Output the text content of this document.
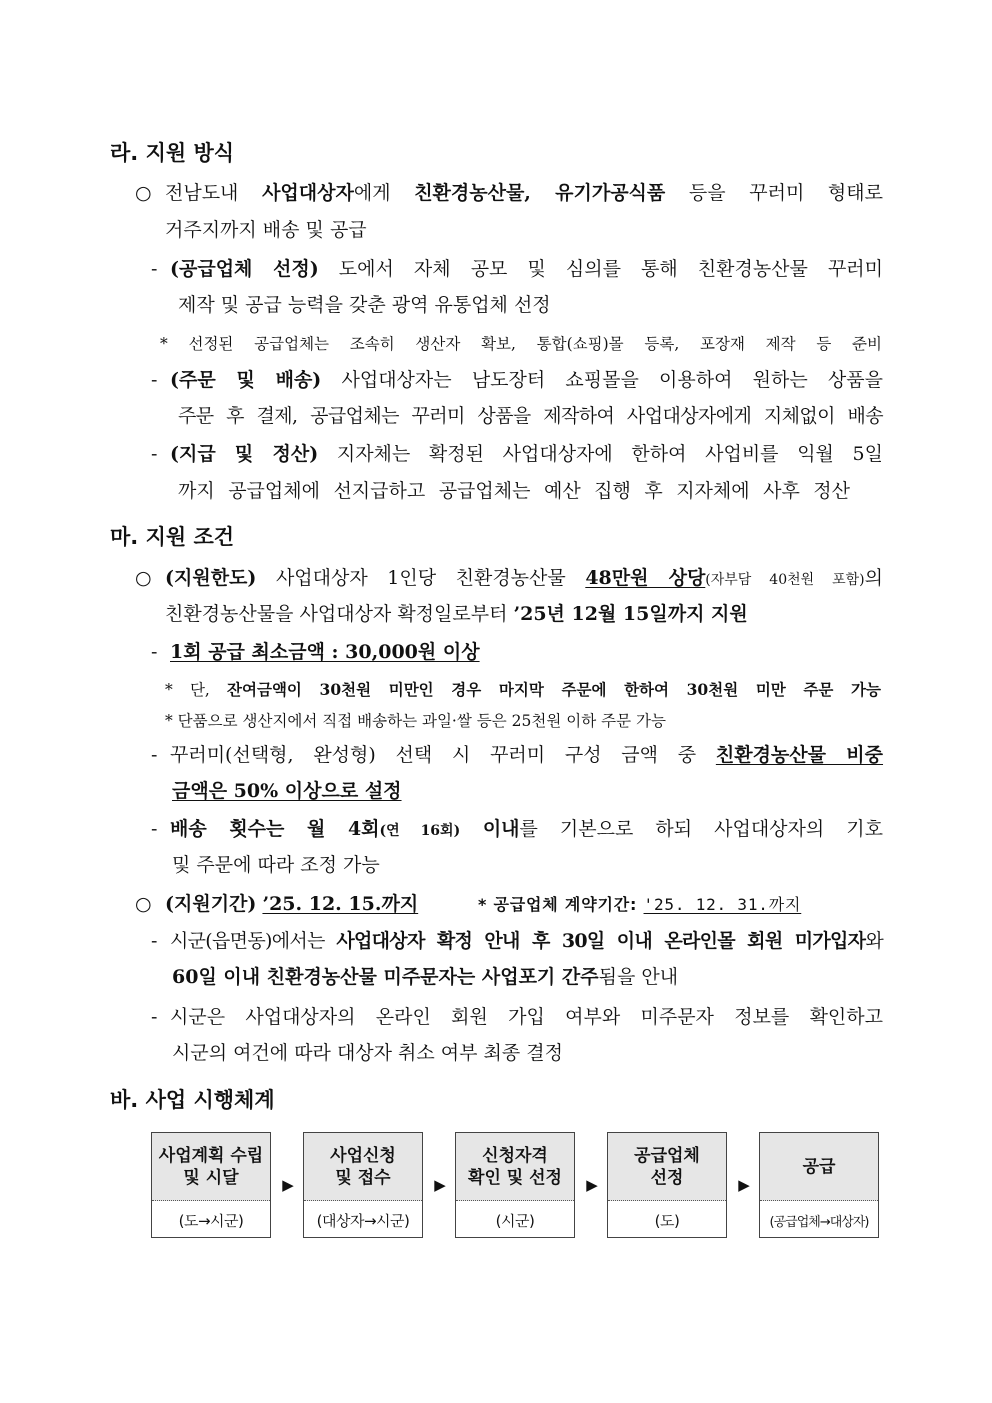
라. 지원 방식
○ 전남도내 사업대상자에게 친환경농산물, 유기가공식품 등을 꾸러미 형태로
거주지까지 배송 및 공급
- (공급업체 선정) 도에서 자체 공모 및 심의를 통해 친환경농산물 꾸러미
제작 및 공급 능력을 갖춘 광역 유통업체 선정
* 선정된 공급업체는 조속히 생산자 확보, 통합(쇼핑)몰 등록, 포장재 제작 등 준비
- (주문 및 배송) 사업대상자는 남도장터 쇼핑몰을 이용하여 원하는 상품을
주문 후 결제, 공급업체는 꾸러미 상품을 제작하여 사업대상자에게 지체없이 배송
- (지급 및 정산) 지자체는 확정된 사업대상자에 한하여 사업비를 익월 5일
까지 공급업체에 선지급하고 공급업체는 예산 집행 후 지자체에 사후 정산
마. 지원 조건
○ (지원한도) 사업대상자 1인당 친환경농산물 48만원 상당(자부담 40천원 포함)의
친환경농산물을 사업대상자 확정일로부터 ’25년 12월 15일까지 지원
- 1회 공급 최소금액 : 30,000원 이상
* 단, 잔여금액이 30천원 미만인 경우 마지막 주문에 한하여 30천원 미만 주문 가능
* 단품으로 생산지에서 직접 배송하는 과일·쌀 등은 25천원 이하 주문 가능
- 꾸러미(선택형, 완성형) 선택 시 꾸러미 구성 금액 중 친환경농산물 비중
금액은 50% 이상으로 설정
- 배송 횟수는 월 4회(연 16회) 이내를 기본으로 하되 사업대상자의 기호
및 주문에 따라 조정 가능
○ (지원기간) ’25. 12. 15.까지	* 공급업체 계약기간: '25. 12. 31.까지
- 시군(읍면동)에서는 사업대상자 확정 안내 후 30일 이내 온라인몰 회원 미가입자와
60일 이내 친환경농산물 미주문자는 사업포기 간주됨을 안내
- 시군은 사업대상자의 온라인 회원 가입 여부와 미주문자 정보를 확인하고
시군의 여건에 따라 대상자 취소 여부 최종 결정
바. 사업 시행체계
사업계획 수립
및 시달
(도→시군)
▶
사업신청
및 접수
(대상자→시군)
▶
신청자격
확인 및 선정
(시군)
▶
공급업체
선정
(도)
▶
공급
(공급업체→대상자)
